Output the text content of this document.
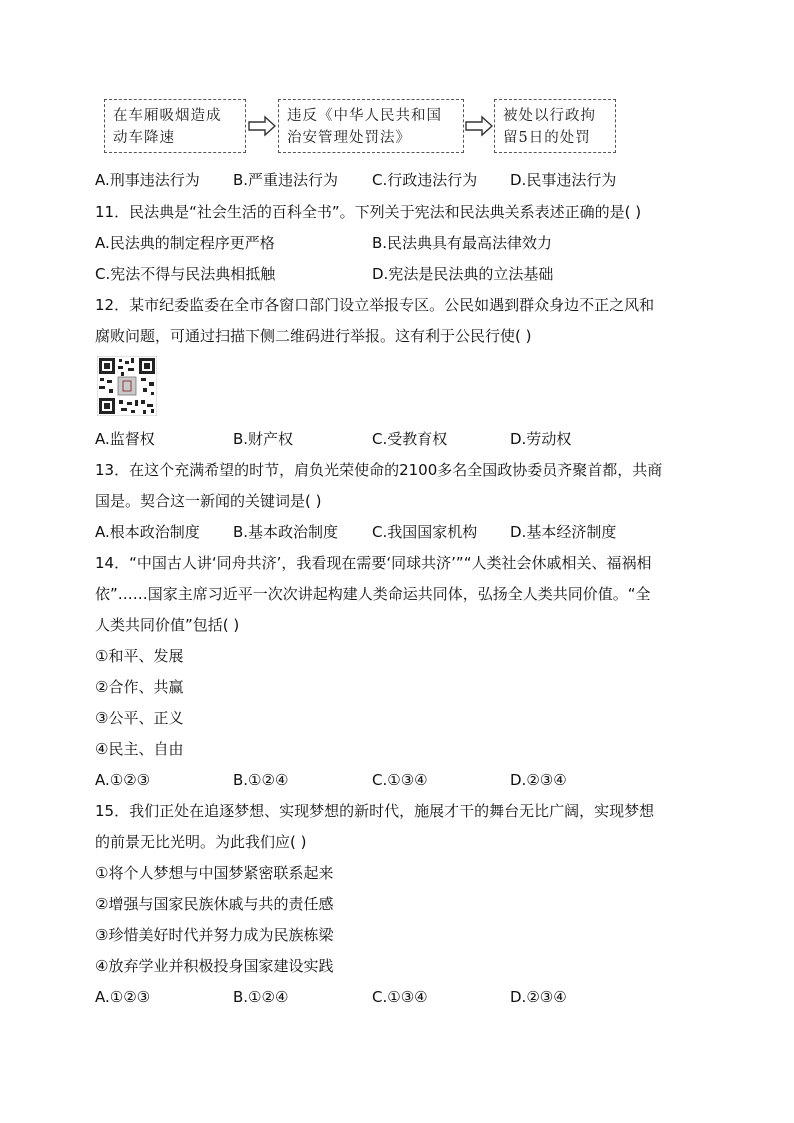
在车厢吸烟造成
动车降速
违反《中华人民共和国
治安管理处罚法》
被处以行政拘
留5日的处罚
A.刑事违法行为 B.严重违法行为 C.行政违法行为 D.民事违法行为
11．民法典是“社会生活的百科全书”。下列关于宪法和民法典关系表述正确的是( )
A.民法典的制定程序更严格	B.民法典具有最高法律效力
C.宪法不得与民法典相抵触	D.宪法是民法典的立法基础
12．某市纪委监委在全市各窗口部门设立举报专区。公民如遇到群众身边不正之风和
腐败问题，可通过扫描下侧二维码进行举报。这有利于公民行使( )
A.监督权	B.财产权	C.受教育权	D.劳动权
13．在这个充满希望的时节，肩负光荣使命的2100多名全国政协委员齐聚首都，共商
国是。契合这一新闻的关键词是( )
A.根本政治制度 B.基本政治制度 C.我国国家机构 D.基本经济制度
14．“中国古人讲‘同舟共济’，我看现在需要‘同球共济’”“人类社会休戚相关、福祸相
依”……国家主席习近平一次次讲起构建人类命运共同体，弘扬全人类共同价值。“全
人类共同价值”包括( )
①和平、发展
②合作、共赢
③公平、正义
④民主、自由
A.①②③	B.①②④	C.①③④	D.②③④
15．我们正处在追逐梦想、实现梦想的新时代，施展才干的舞台无比广阔，实现梦想
的前景无比光明。为此我们应( )
①将个人梦想与中国梦紧密联系起来
②增强与国家民族休戚与共的责任感
③珍惜美好时代并努力成为民族栋梁
④放弃学业并积极投身国家建设实践
A.①②③	B.①②④	C.①③④	D.②③④
